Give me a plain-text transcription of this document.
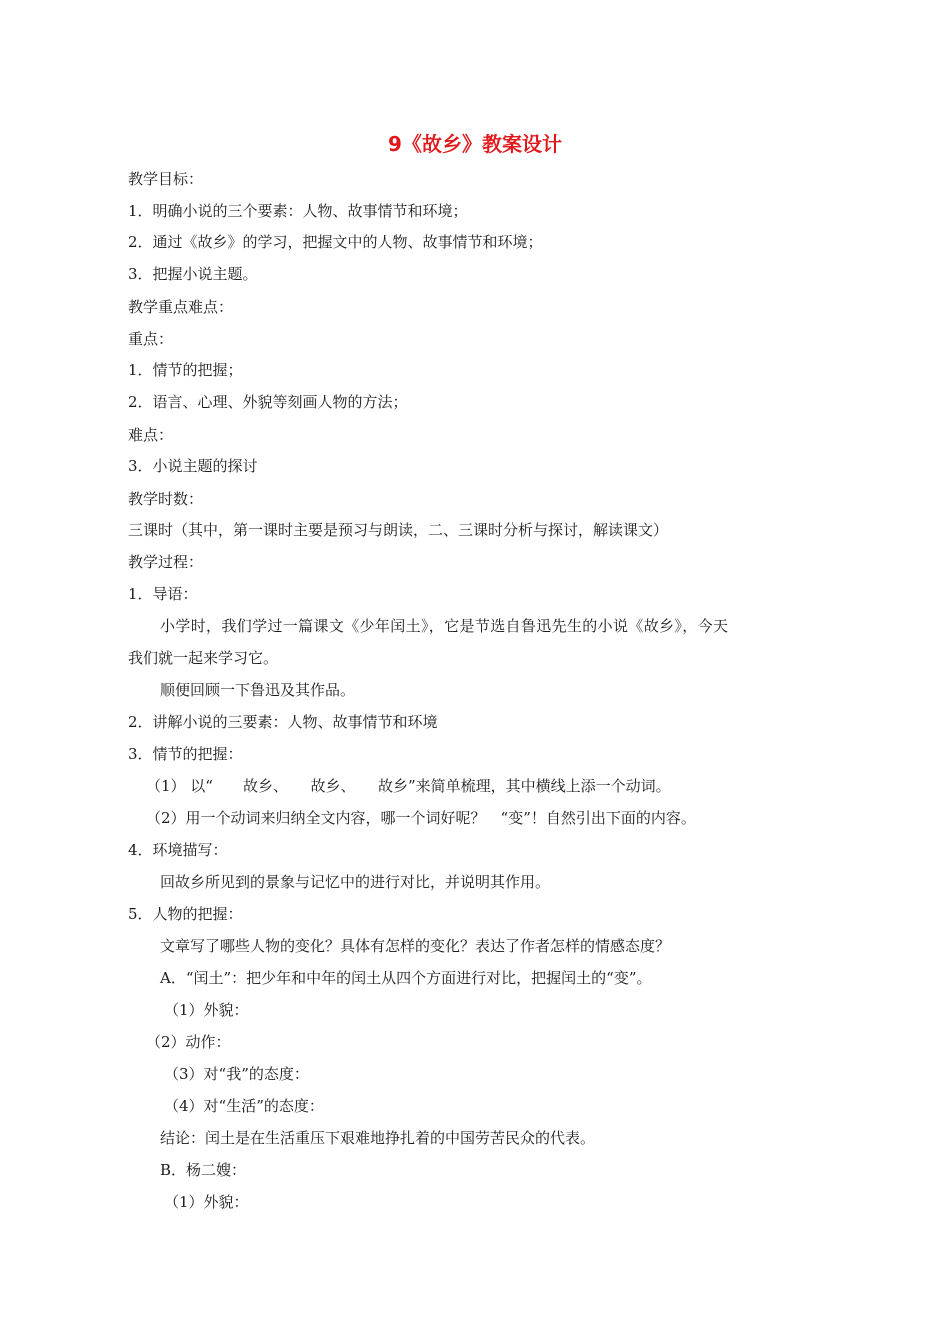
9《故乡》教案设计
教学目标：
1．明确小说的三个要素：人物、故事情节和环境；
2．通过《故乡》的学习，把握文中的人物、故事情节和环境；
3．把握小说主题。
教学重点难点：
重点：
1．情节的把握；
2．语言、心理、外貌等刻画人物的方法；
难点：
3．小说主题的探讨
教学时数：
三课时（其中，第一课时主要是预习与朗读，二、三课时分析与探讨，解读课文）
教学过程：
1．导语：
小学时，我们学过一篇课文《少年闰土》，它是节选自鲁迅先生的小说《故乡》，今天
我们就一起来学习它。
顺便回顾一下鲁迅及其作品。
2．讲解小说的三要素：人物、故事情节和环境
3．情节的把握：
（1） 以“　　故乡、　　故乡、　　故乡”来简单梳理，其中横线上添一个动词。
（2）用一个动词来归纳全文内容，哪一个词好呢？　“变”！自然引出下面的内容。
4．环境描写：
回故乡所见到的景象与记忆中的进行对比，并说明其作用。
5．人物的把握：
文章写了哪些人物的变化？具体有怎样的变化？表达了作者怎样的情感态度？
A．“闰土”：把少年和中年的闰土从四个方面进行对比，把握闰土的“变”。
（1）外貌：
（2）动作：
（3）对“我”的态度：
（4）对“生活”的态度：
结论：闰土是在生活重压下艰难地挣扎着的中国劳苦民众的代表。
B．杨二嫂：
（1）外貌：
